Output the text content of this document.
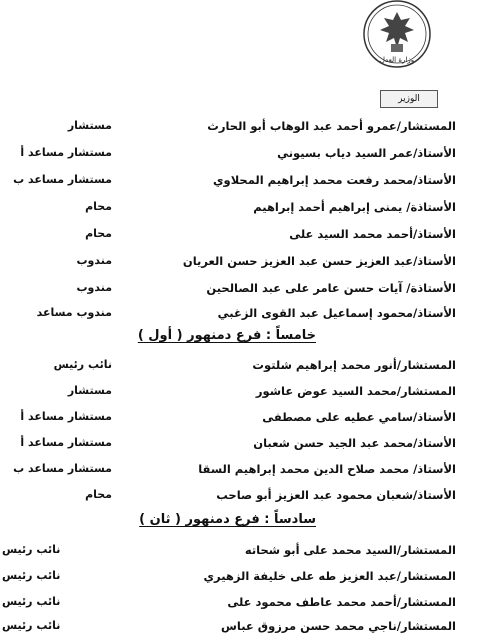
وزارة العدل
الوزير
المستشار/عمرو أحمد عبد الوهاب أبو الحارث
مستشار
الأستاذ/عمر السيد دياب بسيوني
مستشار مساعد أ
الأستاذ/محمد رفعت محمد إبراهيم المحلاوي
مستشار مساعد ب
الأستاذة/ يمنى إبراهيم أحمد إبراهيم
محام
الأستاذ/أحمد محمد السيد على
محام
الأستاذ/عبد العزيز حسن عبد العزيز حسن العريان
مندوب
الأستاذة/ آيات حسن عامر على عبد الصالحين
مندوب
الأستاذ/محمود إسماعيل عبد القوى الزغبي
مندوب مساعد
خامساً : فرع دمنهور ( أول )
المستشار/أنور محمد إبراهيم شلتوت
نائب رئيس
المستشار/محمد السيد عوض عاشور
مستشار
الأستاذ/سامي عطيه على مصطفى
مستشار مساعد أ
الأستاذ/محمد عبد الجيد حسن شعبان
مستشار مساعد أ
الأستاذ/ محمد صلاح الدين محمد إبراهيم السقا
مستشار مساعد ب
الأستاذ/شعبان محمود عبد العزيز أبو صاحب
محام
سادساً : فرع دمنهور ( ثان )
المستشار/السيد محمد على أبو شحاته
نائب رئيس
المستشار/عبد العزيز طه على خليفة الزهيري
نائب رئيس
المستشار/أحمد محمد عاطف محمود على
نائب رئيس
المستشار/ناجي محمد حسن مرزوق عباس
نائب رئيس
